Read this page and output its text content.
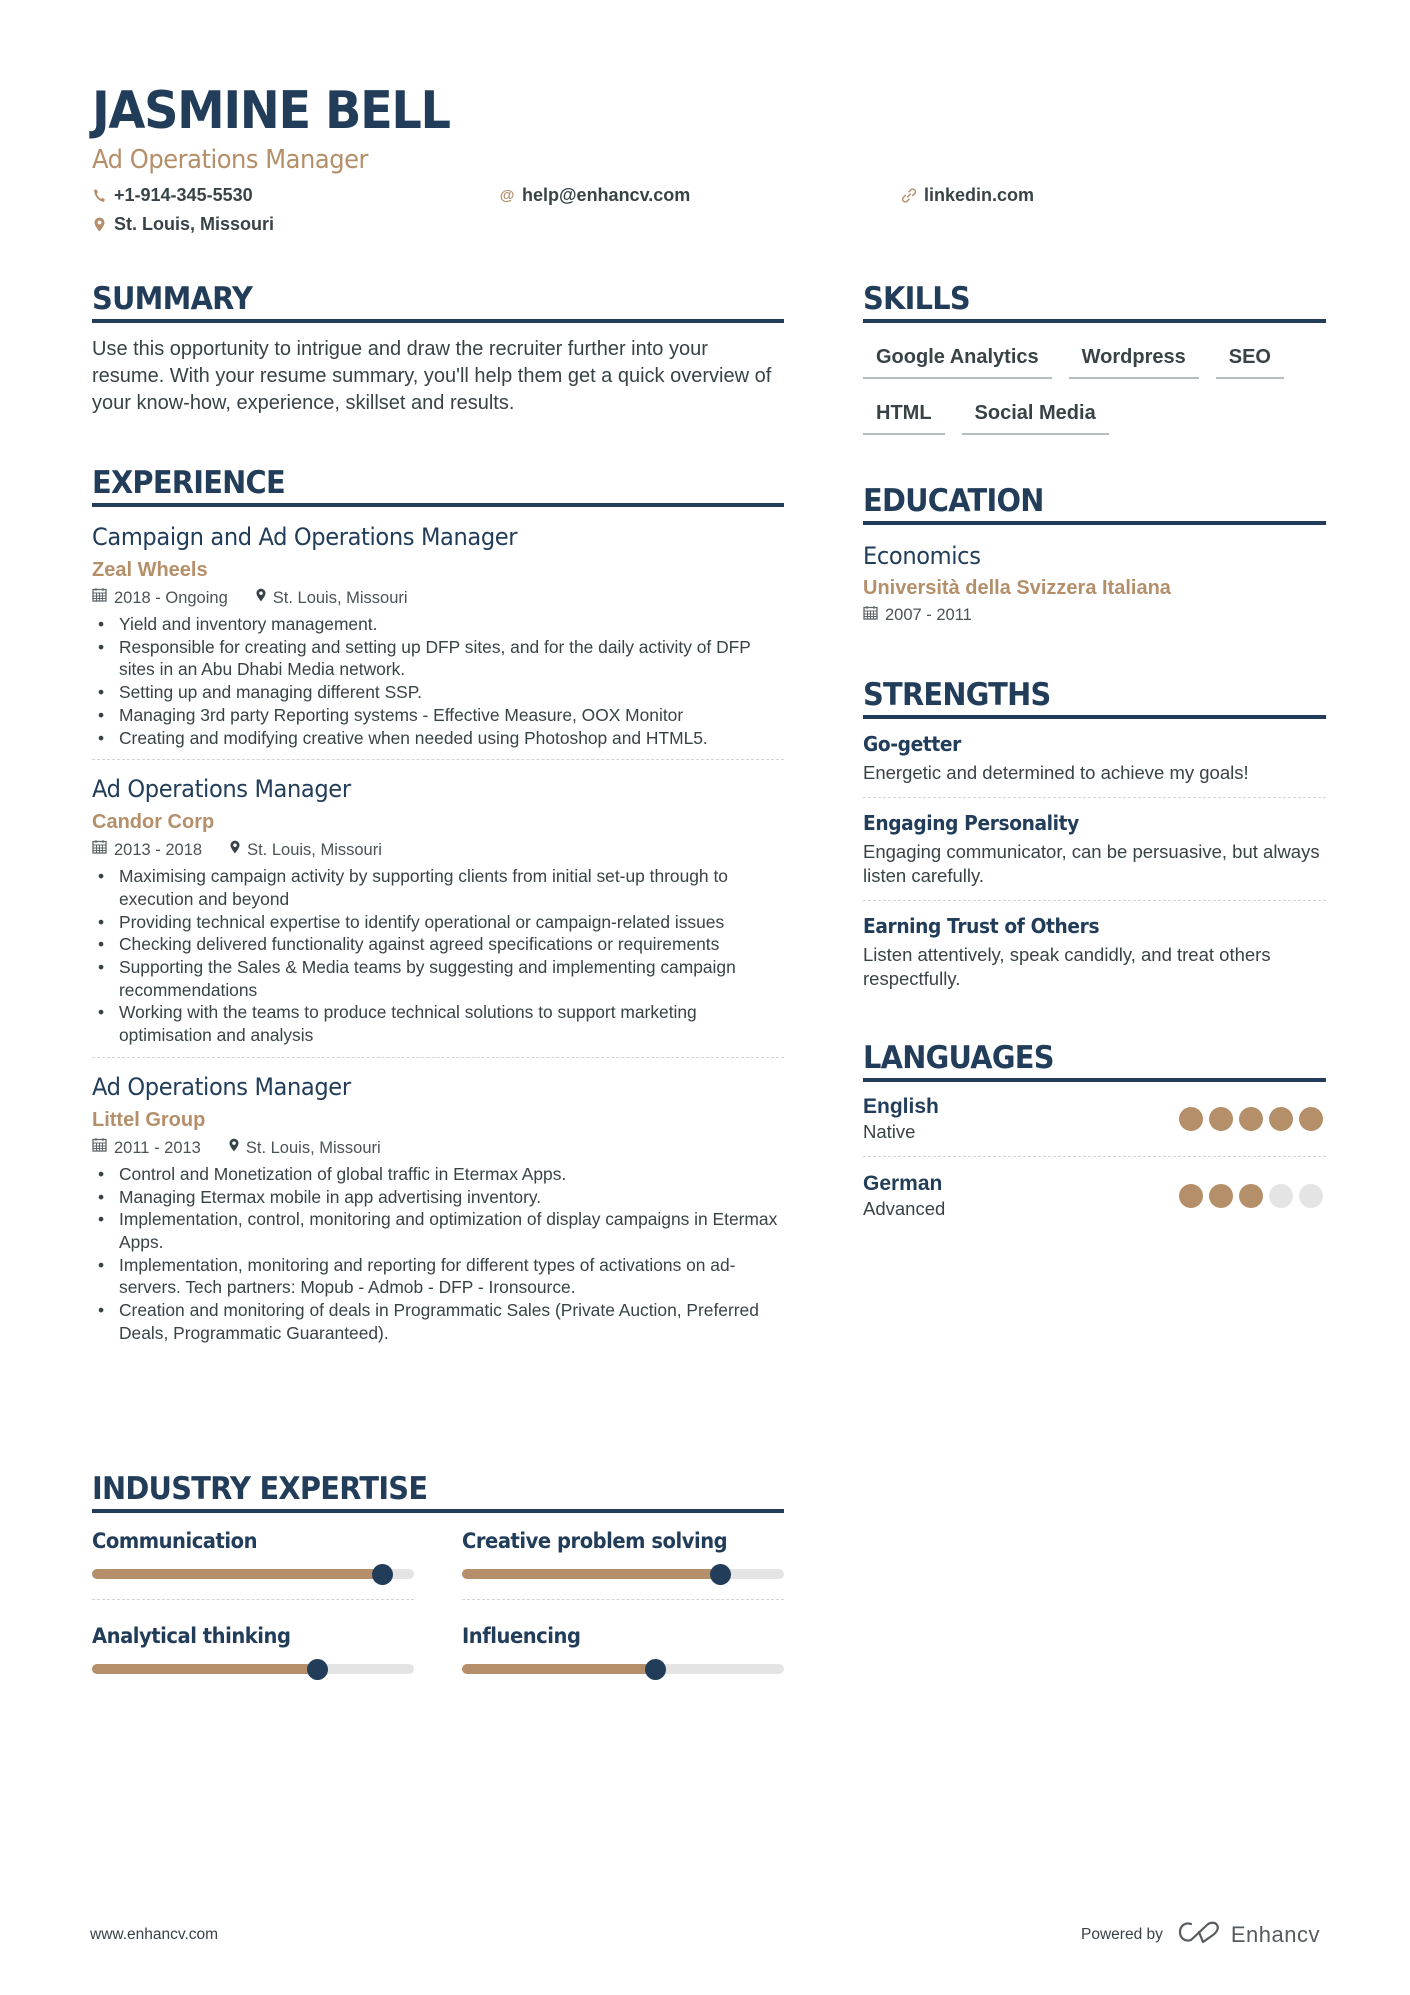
JASMINE BELL
Ad Operations Manager
+1-914-345-5530	@ help@enhancv.com	linkedin.com
St. Louis, Missouri
SUMMARY

Use this opportunity to intrigue and draw the recruiter further into your resume. With your resume summary, you'll help them get a quick overview of your know-how, experience, skillset and results.

EXPERIENCE
Campaign and Ad Operations Manager
Zeal Wheels
2018 - Ongoing	St. Louis, Missouri
• Yield and inventory management.
• Responsible for creating and setting up DFP sites, and for the daily activity of DFP sites in an Abu Dhabi Media network.
• Setting up and managing different SSP.
• Managing 3rd party Reporting systems - Effective Measure, OOX Monitor
• Creating and modifying creative when needed using Photoshop and HTML5.
Ad Operations Manager
Candor Corp
2013 - 2018	St. Louis, Missouri
• Maximising campaign activity by supporting clients from initial set-up through to execution and beyond
• Providing technical expertise to identify operational or campaign-related issues
• Checking delivered functionality against agreed specifications or requirements
• Supporting the Sales & Media teams by suggesting and implementing campaign recommendations
• Working with the teams to produce technical solutions to support marketing optimisation and analysis
Ad Operations Manager
Littel Group
2011 - 2013	St. Louis, Missouri
• Control and Monetization of global traffic in Etermax Apps.
• Managing Etermax mobile in app advertising inventory.
• Implementation, control, monitoring and optimization of display campaigns in Etermax Apps.
• Implementation, monitoring and reporting for different types of activations on ad-servers. Tech partners: Mopub - Admob - DFP - Ironsource.
• Creation and monitoring of deals in Programmatic Sales (Private Auction, Preferred Deals, Programmatic Guaranteed).
INDUSTRY EXPERTISE
Communication	Creative problem solving
Analytical thinking	Influencing
SKILLS
Google Analytics	Wordpress	SEO
HTML	Social Media
EDUCATION
Economics
Università della Svizzera Italiana
2007 - 2011
STRENGTHS
Go-getter
Energetic and determined to achieve my goals!
Engaging Personality
Engaging communicator, can be persuasive, but always listen carefully.
Earning Trust of Others
Listen attentively, speak candidly, and treat others respectfully.
LANGUAGES
English
Native
German
Advanced
www.enhancv.com	Powered by	Enhancv
